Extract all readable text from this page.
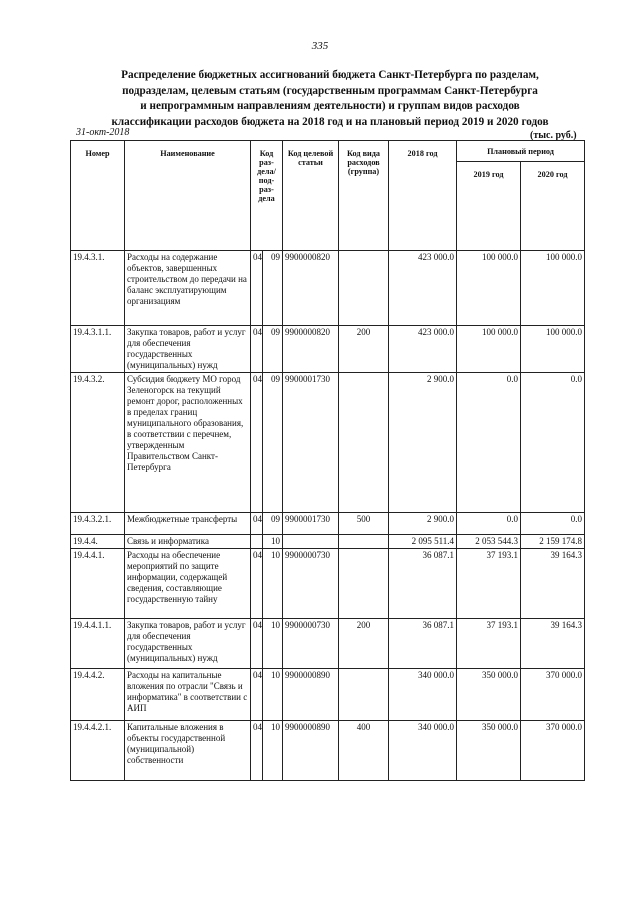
335
Распределение бюджетных ассигнований бюджета Санкт-Петербурга по разделам,
подразделам, целевым статьям (государственным программам Санкт-Петербурга
и непрограммным направлениям деятельности) и группам видов расходов
классификации расходов бюджета на 2018 год и на плановый период 2019 и 2020 годов
31-окт-2018	(тыс. руб.)
Номер	Наименование	Код раз-дела/ под-раз-дела		Код целевой статьи	Код вида расходов (группа)	2018 год	Плановый период	
							2019 год	2020 год
19.4.3.1.	Расходы на содержание объектов, завершенных строительством до передачи на баланс эксплуатирующим организациям	04	09	9900000820		423 000.0	100 000.0	100 000.0
19.4.3.1.1.	Закупка товаров, работ и услуг для обеспечения государственных (муниципальных) нужд	04	09	9900000820	200	423 000.0	100 000.0	100 000.0
19.4.3.2.	Субсидия бюджету МО город Зеленогорск на текущий ремонт дорог, расположенных в пределах границ муниципального образования, в соответствии с перечнем, утвержденным Правительством Санкт-Петербурга	04	09	9900001730		2 900.0	0.0	0.0
19.4.3.2.1.	Межбюджетные трансферты	04	09	9900001730	500	2 900.0	0.0	0.0
19.4.4.	Связь и информатика		10			2 095 511.4	2 053 544.3	2 159 174.8
19.4.4.1.	Расходы на обеспечение мероприятий по защите информации, содержащей сведения, составляющие государственную тайну	04	10	9900000730		36 087.1	37 193.1	39 164.3
19.4.4.1.1.	Закупка товаров, работ и услуг для обеспечения государственных (муниципальных) нужд	04	10	9900000730	200	36 087.1	37 193.1	39 164.3
19.4.4.2.	Расходы на капитальные вложения по отрасли "Связь и информатика" в соответствии с АИП	04	10	9900000890		340 000.0	350 000.0	370 000.0
19.4.4.2.1.	Капитальные вложения в объекты государственной (муниципальной) собственности	04	10	9900000890	400	340 000.0	350 000.0	370 000.0
